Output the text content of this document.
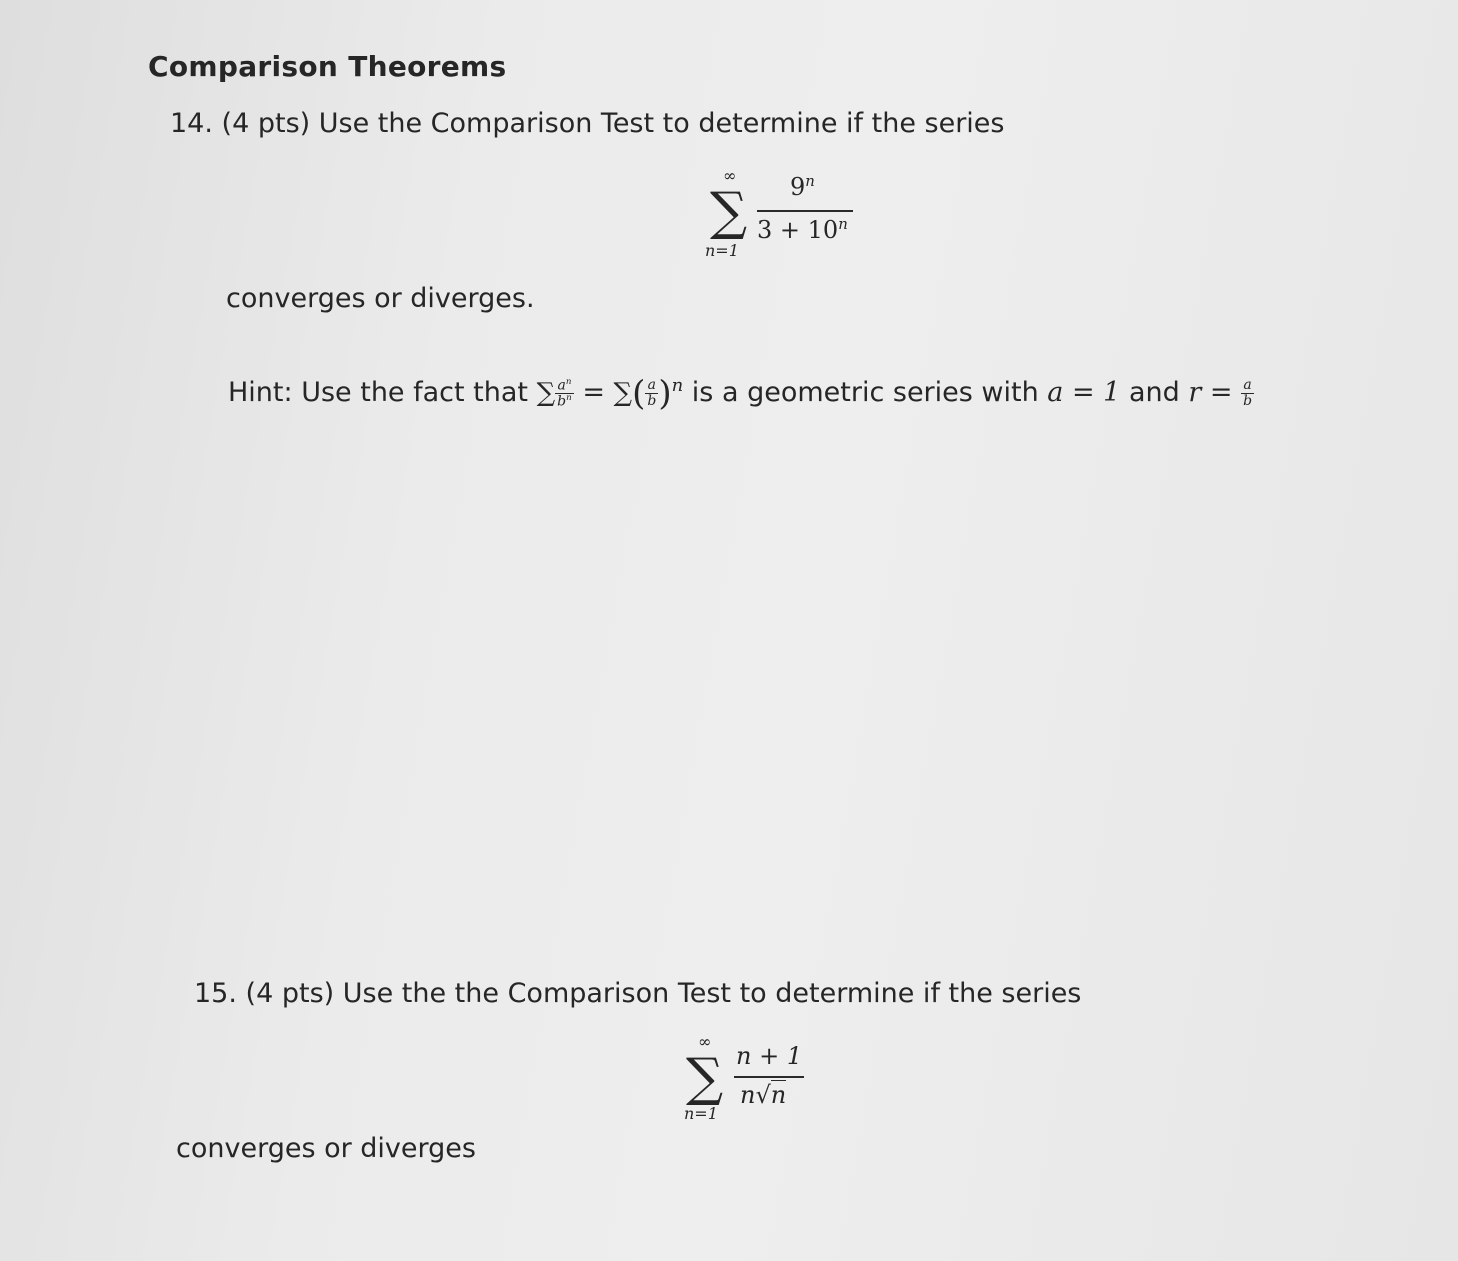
Comparison Theorems
14. (4 pts) Use the Comparison Test to determine if the series
∞
∑
n=1
9$^n$
$3 + 10^n$
converges or diverges.
Hint: Use the fact that ∑ $\frac{a^n}{b^n}$ = ∑( $\frac{a}{b} )^n$ is a geometric series with a = 1 and $r = \frac{a}{b}$
15. (4 pts) Use the the Comparison Test to determine if the series
∞
∑
n=1
n + 1
n√n
converges or diverges
